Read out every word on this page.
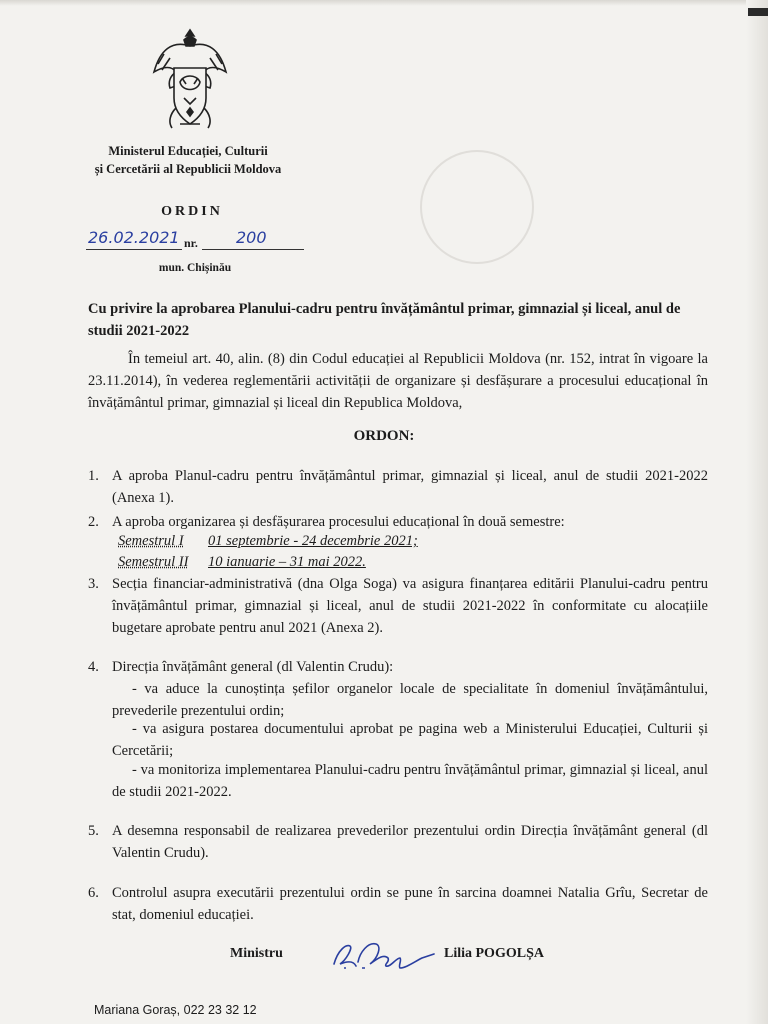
Ministerul Educației, Culturii
și Cercetării al Republicii Moldova
ORDIN
26.02.2021 nr. 200
mun. Chișinău
Cu privire la aprobarea Planului-cadru pentru învățământul primar, gimnazial și liceal, anul de studii 2021-2022
În temeiul art. 40, alin. (8) din Codul educației al Republicii Moldova (nr. 152, intrat în vigoare la 23.11.2014), în vederea reglementării activității de organizare și desfășurare a procesului educațional în învățământul primar, gimnazial și liceal din Republica Moldova,
ORDON:
1. A aproba Planul-cadru pentru învățământul primar, gimnazial și liceal, anul de studii 2021-2022 (Anexa 1).
2. A aproba organizarea și desfășurarea procesului educațional în două semestre:
Semestrul I 01 septembrie - 24 decembrie 2021;
Semestrul II 10 ianuarie – 31 mai 2022.
3. Secția financiar-administrativă (dna Olga Soga) va asigura finanțarea editării Planului-cadru pentru învățământul primar, gimnazial și liceal, anul de studii 2021-2022 în conformitate cu alocațiile bugetare aprobate pentru anul 2021 (Anexa 2).
4. Direcția învățământ general (dl Valentin Crudu):
- va aduce la cunoștința șefilor organelor locale de specialitate în domeniul învățământului, prevederile prezentului ordin;
- va asigura postarea documentului aprobat pe pagina web a Ministerului Educației, Culturii și Cercetării;
- va monitoriza implementarea Planului-cadru pentru învățământul primar, gimnazial și liceal, anul de studii 2021-2022.
5. A desemna responsabil de realizarea prevederilor prezentului ordin Direcția învățământ general (dl Valentin Crudu).
6. Controlul asupra executării prezentului ordin se pune în sarcina doamnei Natalia Grîu, Secretar de stat, domeniul educației.
Ministru	Lilia POGOLȘA
Mariana Goraș, 022 23 32 12
